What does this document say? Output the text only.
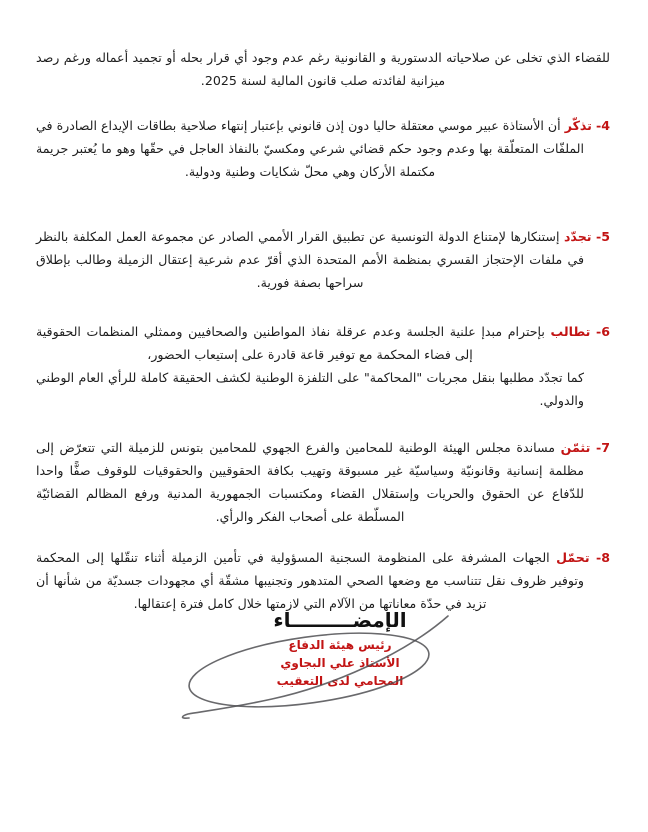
للقضاء الذي تخلى عن صلاحياته الدستورية و القانونية رغم عدم وجود أي قرار بحله أو تجميد أعماله ورغم رصد ميزانية لفائدته صلب قانون المالية لسنة 2025.

4- تذكّر أن الأستاذة عبير موسي معتقلة حاليا دون إذن قانوني بإعتبار إنتهاء صلاحية بطاقات الإيداع الصادرة في الملفّات المتعلّقة بها وعدم وجود حكم قضائي شرعي ومكسيّ بالنفاذ العاجل في حقّها وهو ما يُعتبر جريمة مكتملة الأركان وهي محلّ شكايات وطنية ودولية.
5- تجدّد إستنكارها لإمتناع الدولة التونسية عن تطبيق القرار الأممي الصادر عن مجموعة العمل المكلفة بالنظر في ملفات الإحتجاز القسري بمنظمة الأمم المتحدة الذي أقرّ عدم شرعية إعتقال الزميلة وطالب بإطلاق سراحها بصفة فورية.
6- تطالب بإحترام مبدإ علنية الجلسة وعدم عرقلة نفاذ المواطنين والصحافيين وممثلي المنظمات الحقوقية إلى فضاء المحكمة مع توفير قاعة قادرة على إستيعاب الحضور،
كما تجدّد مطلبها بنقل مجريات "المحاكمة" على التلفزة الوطنية لكشف الحقيقة كاملة للرأي العام الوطني والدولي.
7- تثمّن مساندة مجلس الهيئة الوطنية للمحامين والفرع الجهوي للمحامين بتونس للزميلة التي تتعرّض إلى مظلمة إنسانية وقانونيّة وسياسيّة غير مسبوقة وتهيب بكافة الحقوقيين والحقوقيات للوقوف صفًّا واحدا للدّفاع عن الحقوق والحريات وإستقلال القضاء ومكتسبات الجمهورية المدنية ورفع المظالم القضائيّة المسلّطة على أصحاب الفكر والرأي.
8- تحمّل الجهات المشرفة على المنظومة السجنية المسؤولية في تأمين الزميلة أثناء تنقّلها إلى المحكمة وتوفير ظروف نقل تتناسب مع وضعها الصحي المتدهور وتجنيبها مشقّة أي مجهودات جسديّة من شأنها أن تزيد في حدّة معاناتها من الآلام التي لازمتها خلال كامل فترة إعتقالها.
الإمضـــــــــاء
رئيس هيئة الدفاع
الأستاذ علي البجاوي
المحامي لدى التعقيب
